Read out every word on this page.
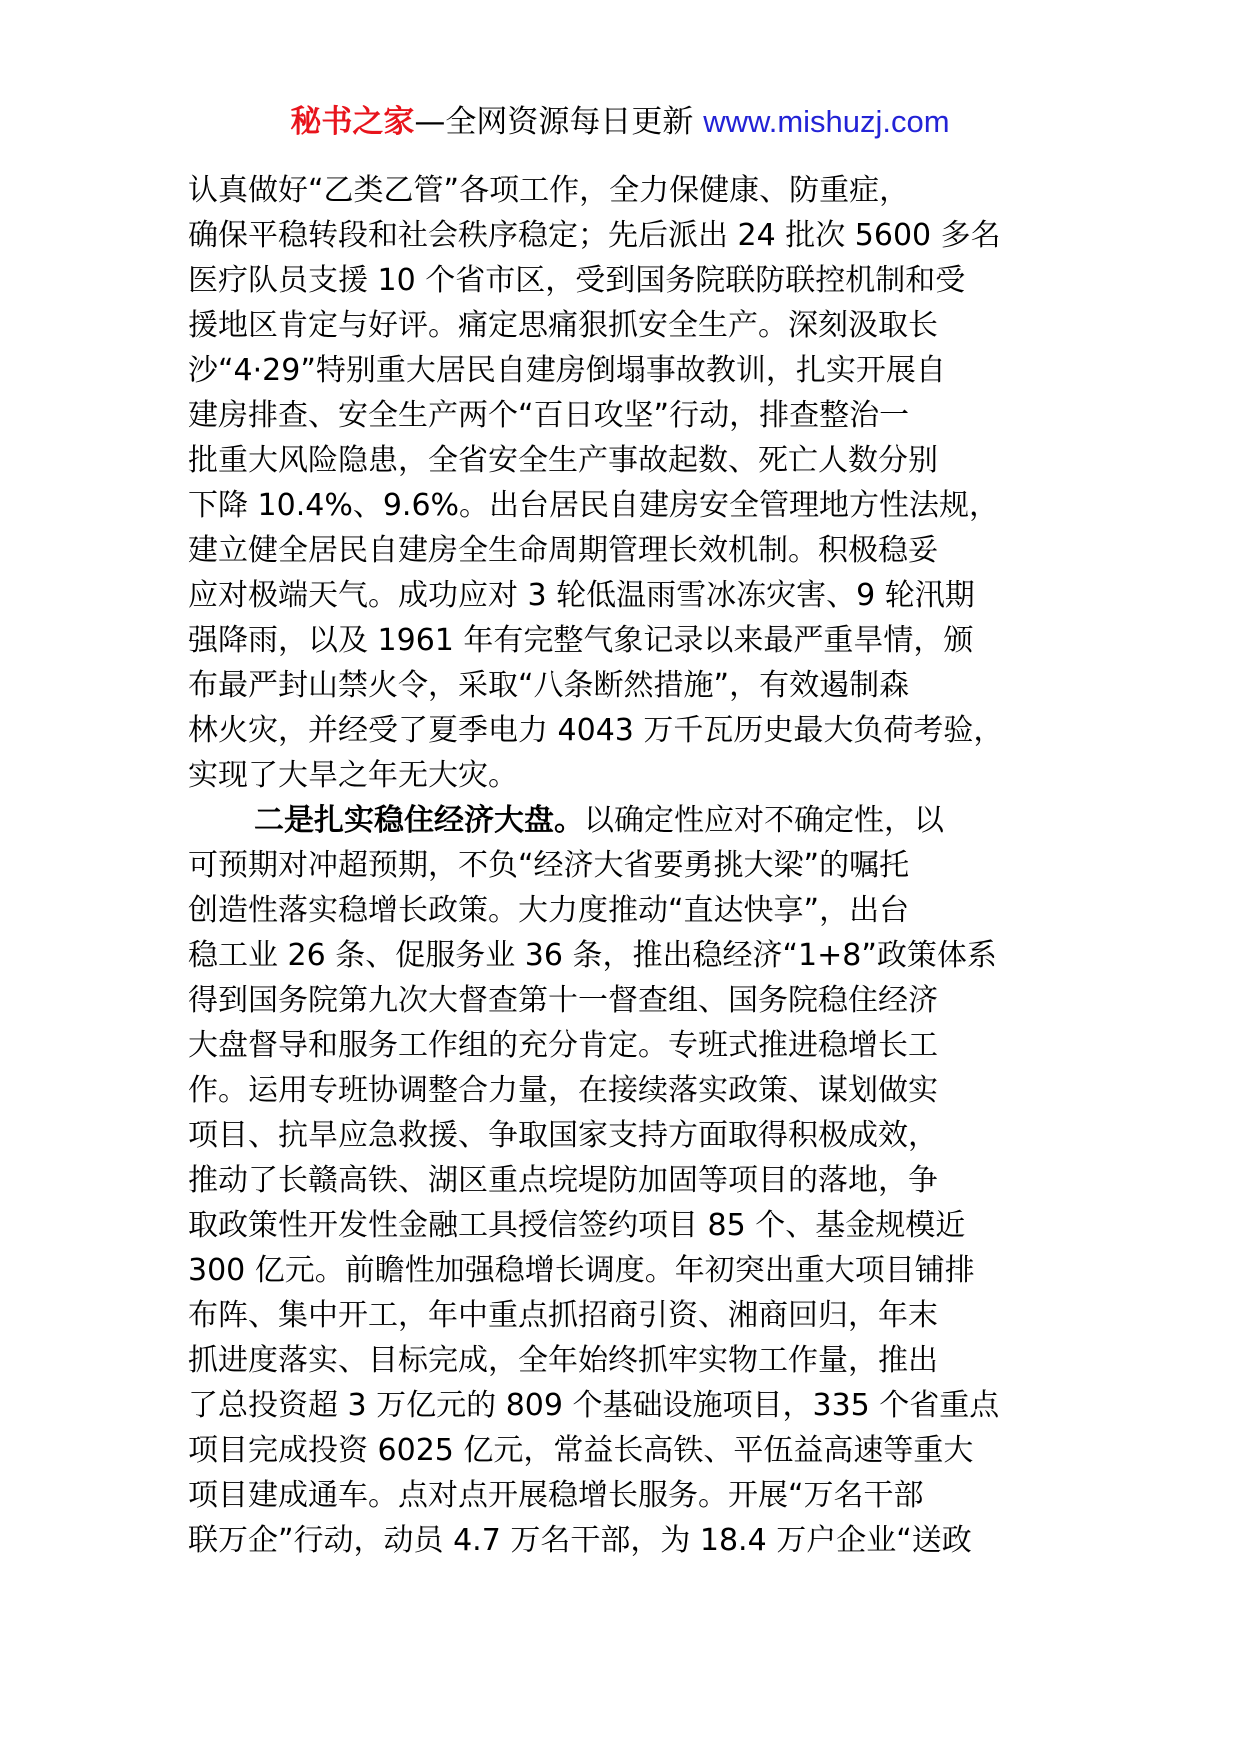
秘书之家—全网资源每日更新 www.mishuzj.com
认真做好“乙类乙管”各项工作，全力保健康、防重症，
确保平稳转段和社会秩序稳定；先后派出 24 批次 5600 多名
医疗队员支援 10 个省市区，受到国务院联防联控机制和受
援地区肯定与好评。痛定思痛狠抓安全生产。深刻汲取长
沙“4·29”特别重大居民自建房倒塌事故教训，扎实开展自
建房排查、安全生产两个“百日攻坚”行动，排查整治一
批重大风险隐患，全省安全生产事故起数、死亡人数分别
下降 10.4%、9.6%。出台居民自建房安全管理地方性法规，
建立健全居民自建房全生命周期管理长效机制。积极稳妥
应对极端天气。成功应对 3 轮低温雨雪冰冻灾害、9 轮汛期
强降雨，以及 1961 年有完整气象记录以来最严重旱情，颁
布最严封山禁火令，采取“八条断然措施”，有效遏制森
林火灾，并经受了夏季电力 4043 万千瓦历史最大负荷考验，
实现了大旱之年无大灾。
二是扎实稳住经济大盘。以确定性应对不确定性，以
可预期对冲超预期，不负“经济大省要勇挑大梁”的嘱托
创造性落实稳增长政策。大力度推动“直达快享”，出台
稳工业 26 条、促服务业 36 条，推出稳经济“1+8”政策体系
得到国务院第九次大督查第十一督查组、国务院稳住经济
大盘督导和服务工作组的充分肯定。专班式推进稳增长工
作。运用专班协调整合力量，在接续落实政策、谋划做实
项目、抗旱应急救援、争取国家支持方面取得积极成效，
推动了长赣高铁、湖区重点垸堤防加固等项目的落地，争
取政策性开发性金融工具授信签约项目 85 个、基金规模近
300 亿元。前瞻性加强稳增长调度。年初突出重大项目铺排
布阵、集中开工，年中重点抓招商引资、湘商回归，年末
抓进度落实、目标完成，全年始终抓牢实物工作量，推出
了总投资超 3 万亿元的 809 个基础设施项目，335 个省重点
项目完成投资 6025 亿元，常益长高铁、平伍益高速等重大
项目建成通车。点对点开展稳增长服务。开展“万名干部
联万企”行动，动员 4.7 万名干部，为 18.4 万户企业“送政
